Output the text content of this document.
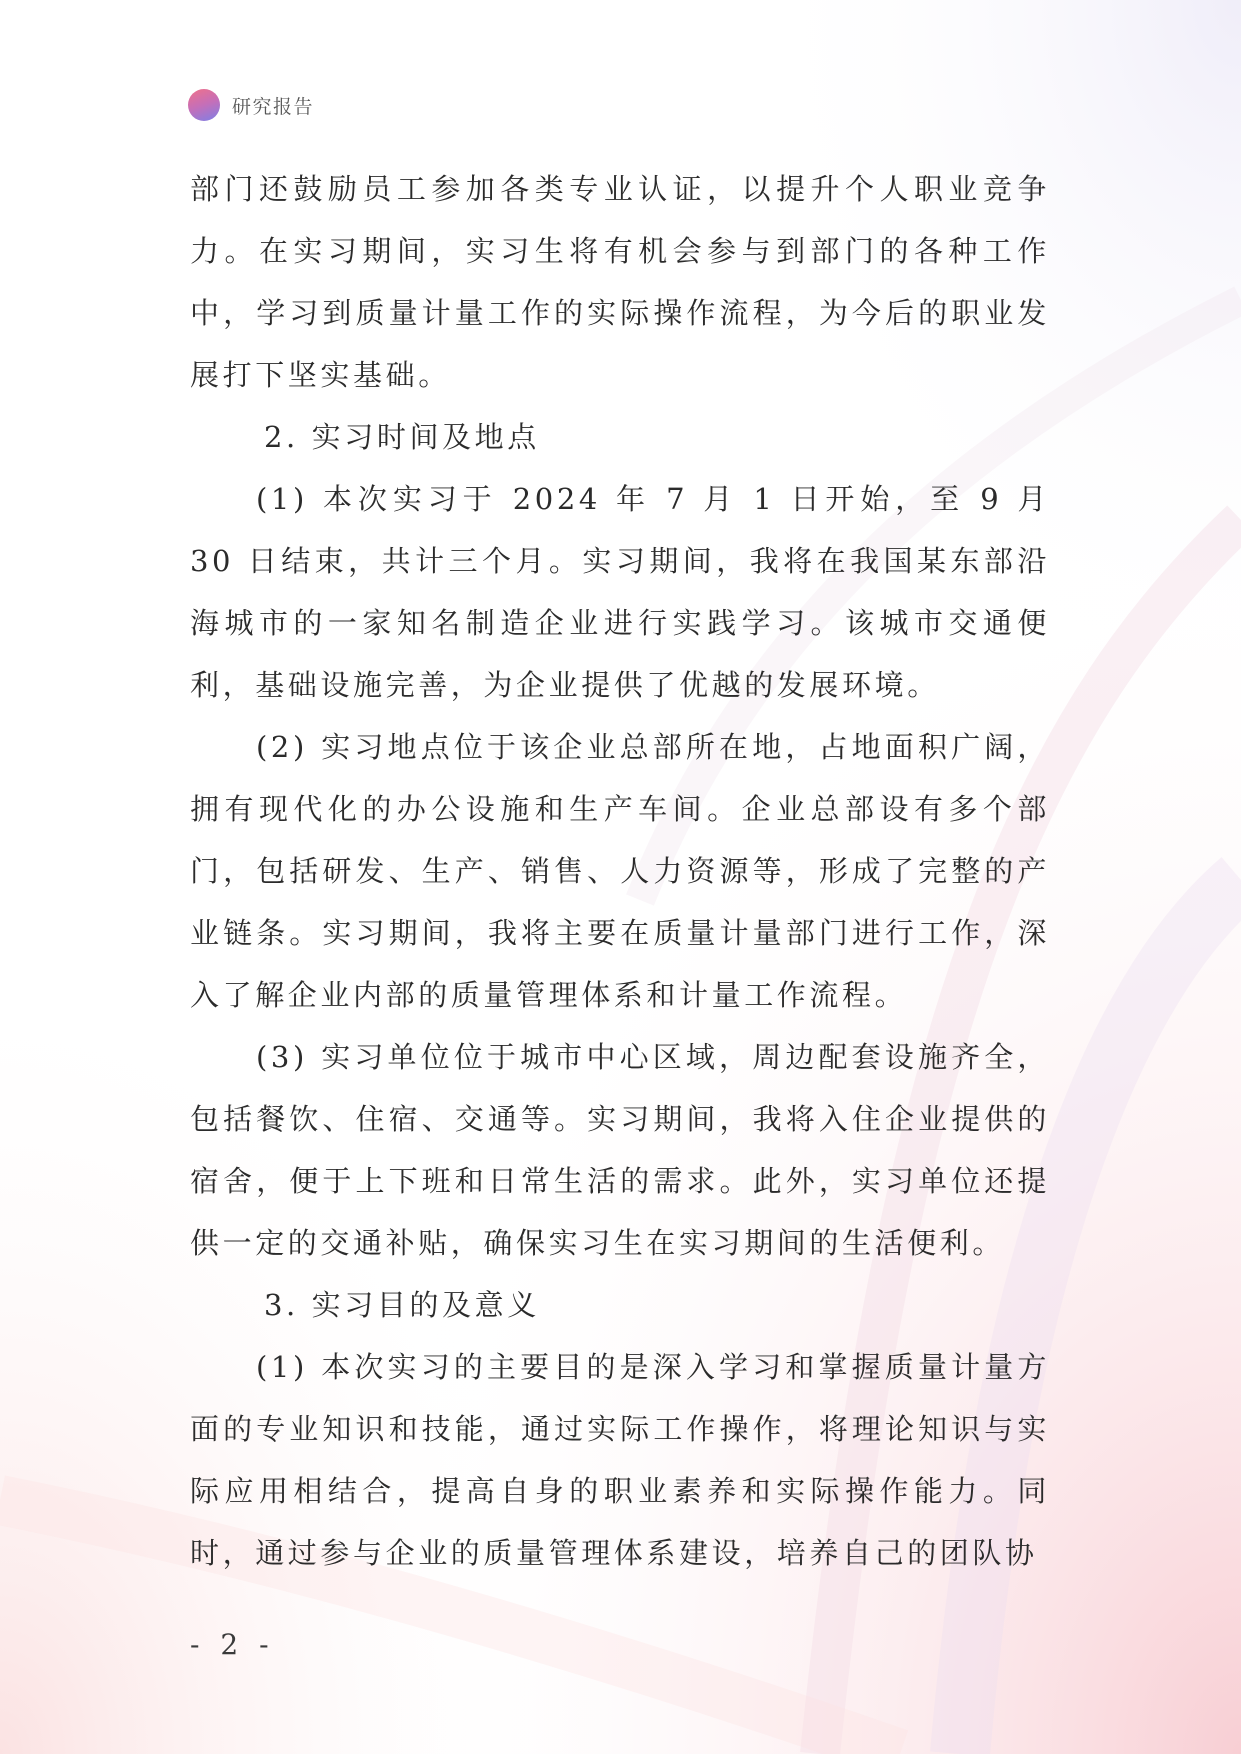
研究报告

部门还鼓励员工参加各类专业认证，以提升个人职业竞争力。在实习期间，实习生将有机会参与到部门的各种工作中，学习到质量计量工作的实际操作流程，为今后的职业发展打下坚实基础。

2. 实习时间及地点

(1) 本次实习于 2024 年 7 月 1 日开始，至 9 月 30 日结束，共计三个月。实习期间，我将在我国某东部沿海城市的一家知名制造企业进行实践学习。该城市交通便利，基础设施完善，为企业提供了优越的发展环境。

(2) 实习地点位于该企业总部所在地，占地面积广阔，拥有现代化的办公设施和生产车间。企业总部设有多个部门，包括研发、生产、销售、人力资源等，形成了完整的产业链条。实习期间，我将主要在质量计量部门进行工作，深入了解企业内部的质量管理体系和计量工作流程。

(3) 实习单位位于城市中心区域，周边配套设施齐全，包括餐饮、住宿、交通等。实习期间，我将入住企业提供的宿舍，便于上下班和日常生活的需求。此外，实习单位还提供一定的交通补贴，确保实习生在实习期间的生活便利。

3. 实习目的及意义

(1) 本次实习的主要目的是深入学习和掌握质量计量方面的专业知识和技能，通过实际工作操作，将理论知识与实际应用相结合，提高自身的职业素养和实际操作能力。同时，通过参与企业的质量管理体系建设，培养自己的团队协

- 2 -
